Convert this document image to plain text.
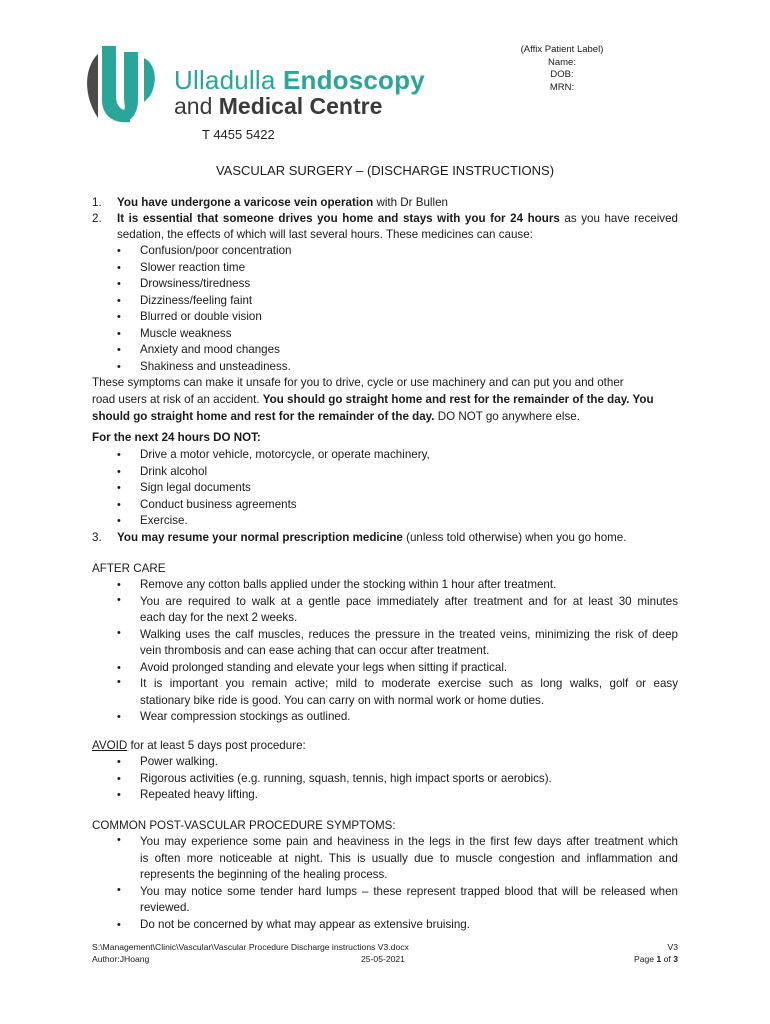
(Affix Patient Label)
Name:
DOB:
MRN:
Ulladulla Endoscopy
and Medical Centre
T 4455 5422
VASCULAR SURGERY – (DISCHARGE INSTRUCTIONS)
1. You have undergone a varicose vein operation with Dr Bullen
2. It is essential that someone drives you home and stays with you for 24 hours as you have received
sedation, the effects of which will last several hours. These medicines can cause:
• Confusion/poor concentration
• Slower reaction time
• Drowsiness/tiredness
• Dizziness/feeling faint
• Blurred or double vision
• Muscle weakness
• Anxiety and mood changes
• Shakiness and unsteadiness.
These symptoms can make it unsafe for you to drive, cycle or use machinery and can put you and other
road users at risk of an accident. You should go straight home and rest for the remainder of the day. You
should go straight home and rest for the remainder of the day. DO NOT go anywhere else.
For the next 24 hours DO NOT:
• Drive a motor vehicle, motorcycle, or operate machinery,
• Drink alcohol
• Sign legal documents
• Conduct business agreements
• Exercise.
3. You may resume your normal prescription medicine (unless told otherwise) when you go home.
AFTER CARE
• Remove any cotton balls applied under the stocking within 1 hour after treatment.
• You are required to walk at a gentle pace immediately after treatment and for at least 30 minutes
each day for the next 2 weeks.
• Walking uses the calf muscles, reduces the pressure in the treated veins, minimizing the risk of deep
vein thrombosis and can ease aching that can occur after treatment.
• Avoid prolonged standing and elevate your legs when sitting if practical.
• It is important you remain active; mild to moderate exercise such as long walks, golf or easy
stationary bike ride is good. You can carry on with normal work or home duties.
• Wear compression stockings as outlined.
AVOID for at least 5 days post procedure:
• Power walking.
• Rigorous activities (e.g. running, squash, tennis, high impact sports or aerobics).
• Repeated heavy lifting.
COMMON POST-VASCULAR PROCEDURE SYMPTOMS:
• You may experience some pain and heaviness in the legs in the first few days after treatment which
is often more noticeable at night. This is usually due to muscle congestion and inflammation and
represents the beginning of the healing process.
• You may notice some tender hard lumps – these represent trapped blood that will be released when
reviewed.
• Do not be concerned by what may appear as extensive bruising.
S:\Management\Clinic\Vascular\Vascular Procedure Discharge instructions V3.docx
Author:JHoang	25-05-2021
V3
Page 1 of 3
